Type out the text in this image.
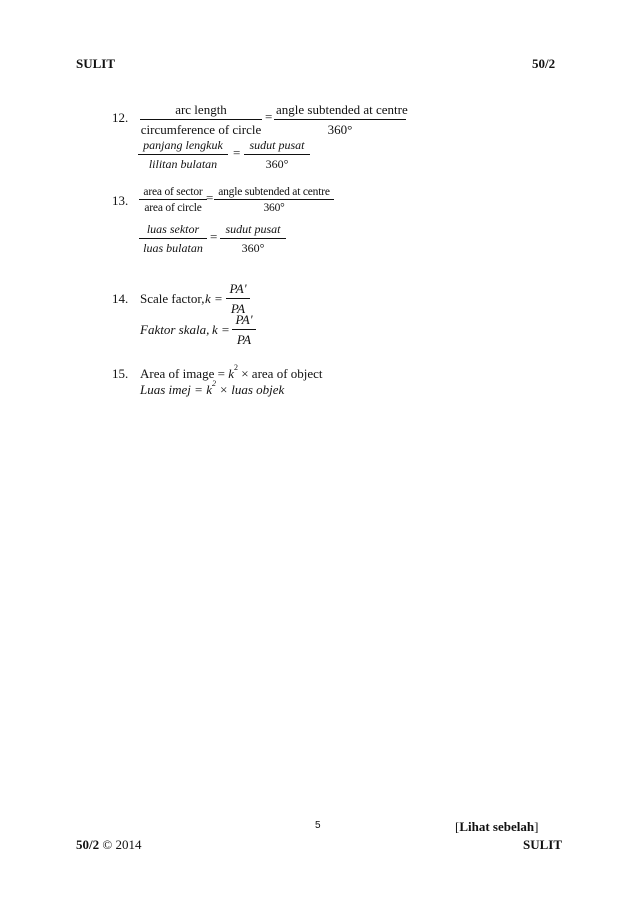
SULIT	50/2
12.
arc length
circumference of circle
= angle subtended at centre
360°
panjang lengkuk
lilitan bulatan
= sudut pusat
360°
13.
area of sector
area of circle
= angle subtended at centre
360°
luas sektor
luas bulatan
= sudut pusat
360°
14. Scale factor, $k = \frac{PA'}{PA}$
Faktor skala, $k = \frac{PA'}{PA}$
15. Area of image = $k^2$ × area of object
Luas imej = $k^2$ × luas objek
5	[Lihat sebelah]
50/2 © 2014	SULIT
